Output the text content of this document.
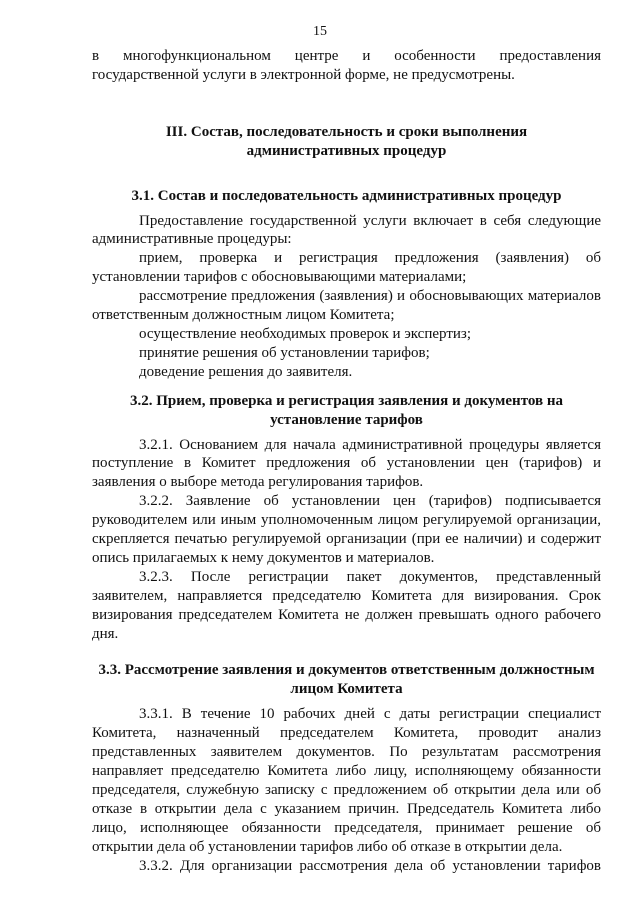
15

в многофункциональном центре и особенности предоставления

государственной услуги в электронной форме, не предусмотрены.

III. Состав, последовательность и сроки выполнения
административных процедур
3.1. Состав и последовательность административных процедур

Предоставление государственной услуги включает в себя следующие административные процедуры:

прием, проверка и регистрация предложения (заявления) об установлении тарифов с обосновывающими материалами;

рассмотрение предложения (заявления) и обосновывающих материалов ответственным должностным лицом Комитета;

осуществление необходимых проверок и экспертиз;

принятие решения об установлении тарифов;

доведение решения до заявителя.

3.2. Прием, проверка и регистрация заявления и документов на
установление тарифов

3.2.1. Основанием для начала административной процедуры является поступление в Комитет предложения об установлении цен (тарифов) и заявления о выборе метода регулирования тарифов.

3.2.2. Заявление об установлении цен (тарифов) подписывается руководителем или иным уполномоченным лицом регулируемой организации, скрепляется печатью регулируемой организации (при ее наличии) и содержит опись прилагаемых к нему документов и материалов.

3.2.3. После регистрации пакет документов, представленный заявителем, направляется председателю Комитета для визирования. Срок визирования председателем Комитета не должен превышать одного рабочего дня.

3.3. Рассмотрение заявления и документов ответственным должностным
лицом Комитета

3.3.1. В течение 10 рабочих дней с даты регистрации специалист Комитета, назначенный председателем Комитета, проводит анализ представленных заявителем документов. По результатам рассмотрения направляет председателю Комитета либо лицу, исполняющему обязанности председателя, служебную записку с предложением об открытии дела или об отказе в открытии дела с указанием причин. Председатель Комитета либо лицо, исполняющее обязанности председателя, принимает решение об открытии дела об установлении тарифов либо об отказе в открытии дела.

3.3.2. Для организации рассмотрения дела об установлении тарифов
